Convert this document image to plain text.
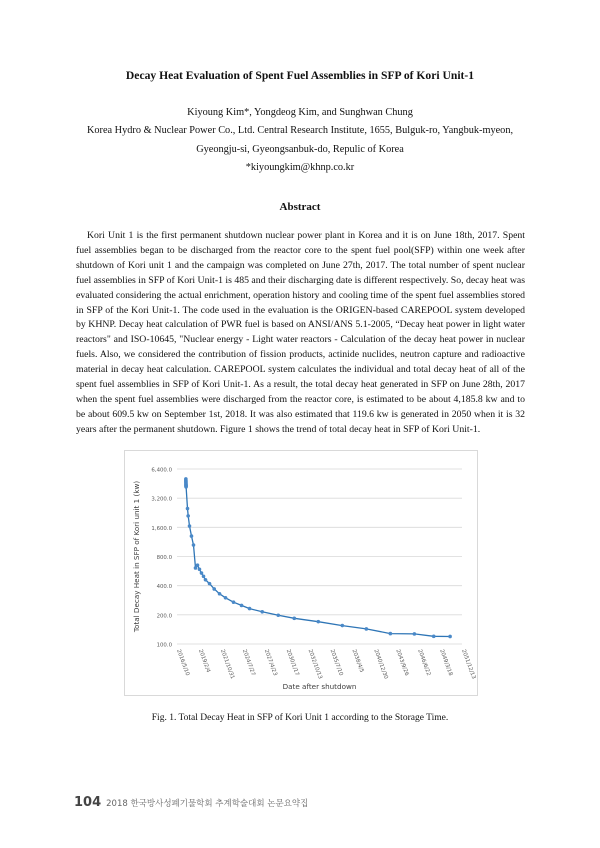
Decay Heat Evaluation of Spent Fuel Assemblies in SFP of Kori Unit-1
Kiyoung Kim*, Yongdeog Kim, and Sunghwan Chung
Korea Hydro & Nuclear Power Co., Ltd. Central Research Institute, 1655, Bulguk-ro, Yangbuk-myeon,
Gyeongju-si, Gyeongsanbuk-do, Repulic of Korea
*kiyoungkim@khnp.co.kr
Abstract

Kori Unit 1 is the first permanent shutdown nuclear power plant in Korea and it is on June 18th, 2017. Spent fuel assemblies began to be discharged from the reactor core to the spent fuel pool(SFP) within one week after shutdown of Kori unit 1 and the campaign was completed on June 27th, 2017. The total number of spent nuclear fuel assemblies in SFP of Kori Unit-1 is 485 and their discharging date is different respectively. So, decay heat was evaluated considering the actual enrichment, operation history and cooling time of the spent fuel assemblies stored in SFP of the Kori Unit-1. The code used in the evaluation is the ORIGEN-based CAREPOOL system developed by KHNP. Decay heat calculation of PWR fuel is based on ANSI/ANS 5.1-2005, “Decay heat power in light water reactors" and ISO-10645, "Nuclear energy - Light water reactors - Calculation of the decay heat power in nuclear fuels. Also, we considered the contribution of fission products, actinide nuclides, neutron capture and radioactive material in decay heat calculation. CAREPOOL system calculates the individual and total decay heat of all of the spent fuel assemblies in SFP of Kori Unit-1. As a result, the total decay heat generated in SFP on June 28th, 2017 when the spent fuel assemblies were discharged from the reactor core, is estimated to be about 4,185.8 kw and to be about 609.5 kw on September 1st, 2018. It was also estimated that 119.6 kw is generated in 2050 when it is 32 years after the permanent shutdown. Figure 1 shows the trend of total decay heat in SFP of Kori Unit-1.

100.0
200.0
400.0
800.0
1,600.0
3,200.0
6,400.0
2016/5/10 2019/2/4 2021/10/31 2024/7/27 2027/4/23 2030/1/17 2032/10/13 2035/7/10 2038/4/5 2040/12/30 2043/9/26 2046/6/22 2049/3/18 2051/12/13
Date after shutdown
Total Decay Heat in SFP of Kori unit 1 (kw)
Fig. 1. Total Decay Heat in SFP of Kori Unit 1 according to the Storage Time.
104 2018 한국방사성폐기물학회 추계학술대회 논문요약집
